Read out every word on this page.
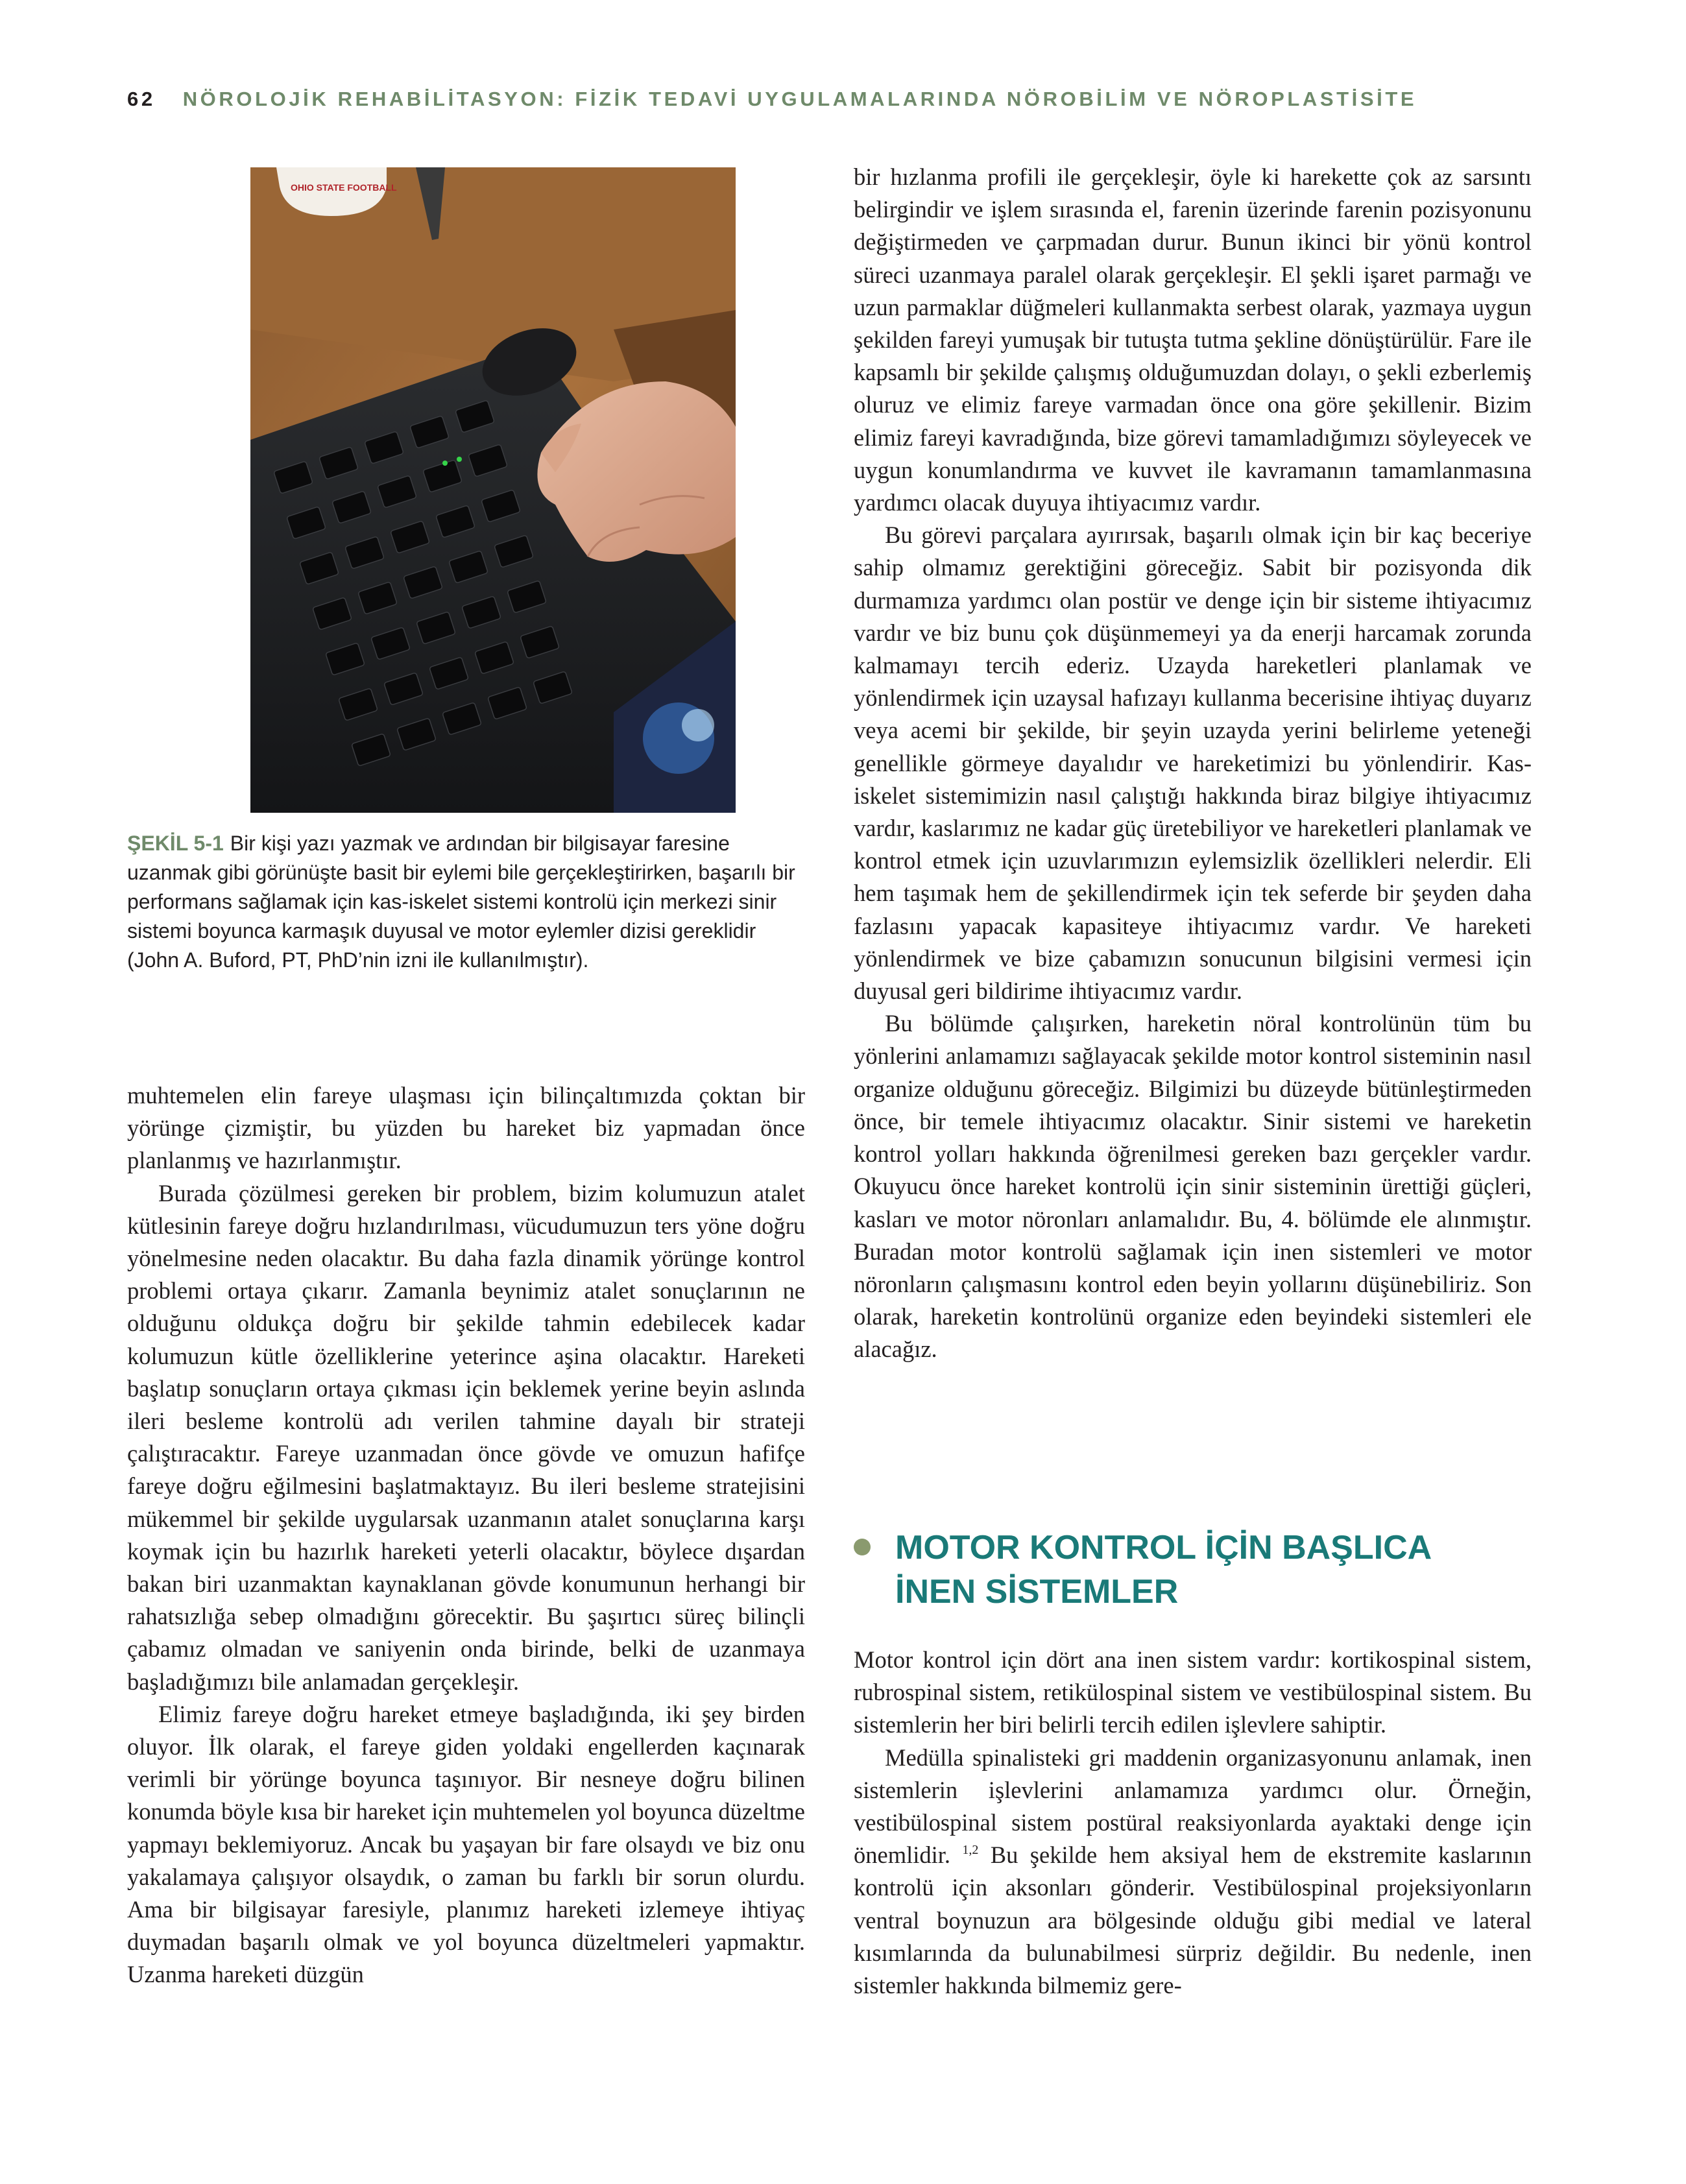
62 NÖROLOJİK REHABİLİTASYON: FİZİK TEDAVİ UYGULAMALARINDA NÖROBİLİM VE NÖROPLASTİSİTE
OHIO STATE FOOTBALL
ŞEKİL 5-1 Bir kişi yazı yazmak ve ardından bir bilgisayar faresine uzanmak gibi görünüşte basit bir eylemi bile gerçekleştirirken, başarılı bir performans sağlamak için kas-iskelet sistemi kontrolü için merkezi sinir sistemi boyunca karmaşık duyusal ve motor eylemler dizisi gereklidir (John A. Buford, PT, PhD’nin izni ile kullanılmıştır).

muhtemelen elin fareye ulaşması için bilinçaltımızda çoktan bir yörünge çizmiştir, bu yüzden bu hareket biz yapmadan önce planlanmış ve hazırlanmıştır.

Burada çözülmesi gereken bir problem, bizim kolumuzun atalet kütlesinin fareye doğru hızlandırılması, vücudumuzun ters yöne doğru yönelmesine neden olacaktır. Bu daha fazla dinamik yörünge kontrol problemi ortaya çıkarır. Zamanla beynimiz atalet sonuçlarının ne olduğunu oldukça doğru bir şekilde tahmin edebilecek kadar kolumuzun kütle özelliklerine yeterince aşina olacaktır. Hareketi başlatıp sonuçların ortaya çıkması için beklemek yerine beyin aslında ileri besleme kontrolü adı verilen tahmine dayalı bir strateji çalıştıracaktır. Fareye uzanmadan önce gövde ve omuzun hafifçe fareye doğru eğilmesini başlatmaktayız. Bu ileri besleme stratejisini mükemmel bir şekilde uygularsak uzanmanın atalet sonuçlarına karşı koymak için bu hazırlık hareketi yeterli olacaktır, böylece dışardan bakan biri uzanmaktan kaynaklanan gövde konumunun herhangi bir rahatsızlığa sebep olmadığını görecektir. Bu şaşırtıcı süreç bilinçli çabamız olmadan ve saniyenin onda birinde, belki de uzanmaya başladığımızı bile anlamadan gerçekleşir.

Elimiz fareye doğru hareket etmeye başladığında, iki şey birden oluyor. İlk olarak, el fareye giden yoldaki engellerden kaçınarak verimli bir yörünge boyunca taşınıyor. Bir nesneye doğru bilinen konumda böyle kısa bir hareket için muhtemelen yol boyunca düzeltme yapmayı beklemiyoruz. Ancak bu yaşayan bir fare olsaydı ve biz onu yakalamaya çalışıyor olsaydık, o zaman bu farklı bir sorun olurdu. Ama bir bilgisayar faresiyle, planımız hareketi izlemeye ihtiyaç duymadan başarılı olmak ve yol boyunca düzeltmeleri yapmaktır. Uzanma hareketi düzgün

bir hızlanma profili ile gerçekleşir, öyle ki harekette çok az sarsıntı belirgindir ve işlem sırasında el, farenin üzerinde farenin pozisyonunu değiştirmeden ve çarpmadan durur. Bunun ikinci bir yönü kontrol süreci uzanmaya paralel olarak gerçekleşir. El şekli işaret parmağı ve uzun parmaklar düğmeleri kullanmakta serbest olarak, yazmaya uygun şekilden fareyi yumuşak bir tutuşta tutma şekline dönüştürülür. Fare ile kapsamlı bir şekilde çalışmış olduğumuzdan dolayı, o şekli ezberlemiş oluruz ve elimiz fareye varmadan önce ona göre şekillenir. Bizim elimiz fareyi kavradığında, bize görevi tamamladığımızı söyleyecek ve uygun konumlandırma ve kuvvet ile kavramanın tamamlanmasına yardımcı olacak duyuya ihtiyacımız vardır.

Bu görevi parçalara ayırırsak, başarılı olmak için bir kaç beceriye sahip olmamız gerektiğini göreceğiz. Sabit bir pozisyonda dik durmamıza yardımcı olan postür ve denge için bir sisteme ihtiyacımız vardır ve biz bunu çok düşünmemeyi ya da enerji harcamak zorunda kalmamayı tercih ederiz. Uzayda hareketleri planlamak ve yönlendirmek için uzaysal hafızayı kullanma becerisine ihtiyaç duyarız veya acemi bir şekilde, bir şeyin uzayda yerini belirleme yeteneği genellikle görmeye dayalıdır ve hareketimizi bu yönlendirir. Kas-iskelet sistemimizin nasıl çalıştığı hakkında biraz bilgiye ihtiyacımız vardır, kaslarımız ne kadar güç üretebiliyor ve hareketleri planlamak ve kontrol etmek için uzuvlarımızın eylemsizlik özellikleri nelerdir. Eli hem taşımak hem de şekillendirmek için tek seferde bir şeyden daha fazlasını yapacak kapasiteye ihtiyacımız vardır. Ve hareketi yönlendirmek ve bize çabamızın sonucunun bilgisini vermesi için duyusal geri bildirime ihtiyacımız vardır.

Bu bölümde çalışırken, hareketin nöral kontrolünün tüm bu yönlerini anlamamızı sağlayacak şekilde motor kontrol sisteminin nasıl organize olduğunu göreceğiz. Bilgimizi bu düzeyde bütünleştirmeden önce, bir temele ihtiyacımız olacaktır. Sinir sistemi ve hareketin kontrol yolları hakkında öğrenilmesi gereken bazı gerçekler vardır. Okuyucu önce hareket kontrolü için sinir sisteminin ürettiği güçleri, kasları ve motor nöronları anlamalıdır. Bu, 4. bölümde ele alınmıştır. Buradan motor kontrolü sağlamak için inen sistemleri ve motor nöronların çalışmasını kontrol eden beyin yollarını düşünebiliriz. Son olarak, hareketin kontrolünü organize eden beyindeki sistemleri ele alacağız.

MOTOR KONTROL İÇİN BAŞLICA
İNEN SİSTEMLER

Motor kontrol için dört ana inen sistem vardır: kortikospinal sistem, rubrospinal sistem, retikülospinal sistem ve vestibülospinal sistem. Bu sistemlerin her biri belirli tercih edilen işlevlere sahiptir.

Medülla spinalisteki gri maddenin organizasyonunu anlamak, inen sistemlerin işlevlerini anlamamıza yardımcı olur. Örneğin, vestibülospinal sistem postüral reaksiyonlarda ayaktaki denge için önemlidir. $^{1,2}$ Bu şekilde hem aksiyal hem de ekstremite kaslarının kontrolü için aksonları gönderir. Vestibülospinal projeksiyonların ventral boynuzun ara bölgesinde olduğu gibi medial ve lateral kısımlarında da bulunabilmesi sürpriz değildir. Bu nedenle, inen sistemler hakkında bilmemiz gere-
